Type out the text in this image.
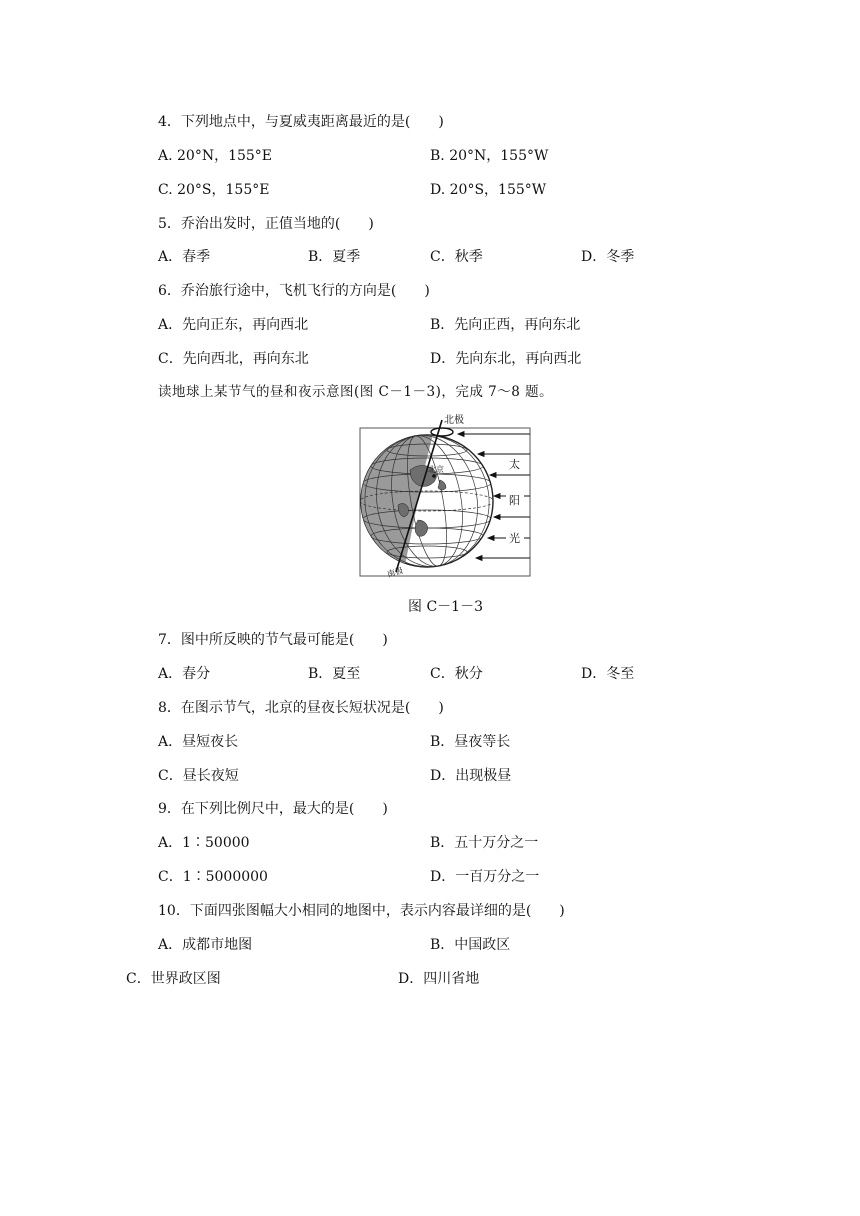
4．下列地点中，与夏威夷距离最近的是(　　)
A. 20°N，155°E	B. 20°N，155°W
C. 20°S，155°E	D. 20°S，155°W
5．乔治出发时，正值当地的(　　)
A．春季	B．夏季	C．秋季	D．冬季
6．乔治旅行途中，飞机飞行的方向是(　　)
A．先向正东，再向西北	B．先向正西，再向东北
C．先向西北，再向东北	D．先向东北，再向西北
读地球上某节气的昼和夜示意图(图 C－1－3)，完成 7～8 题。
北京
北极
南极
太
阳
光
图 C－1－3
7．图中所反映的节气最可能是(　　)
A．春分	B．夏至	C．秋分	D．冬至
8．在图示节气，北京的昼夜长短状况是(　　)
A．昼短夜长	B．昼夜等长
C．昼长夜短	D．出现极昼
9．在下列比例尺中，最大的是(　　)
A．1∶50000	B．五十万分之一
C．1∶5000000	D．一百万分之一
10．下面四张图幅大小相同的地图中，表示内容最详细的是(　　)
A．成都市地图	B．中国政区
C．世界政区图	D．四川省地
